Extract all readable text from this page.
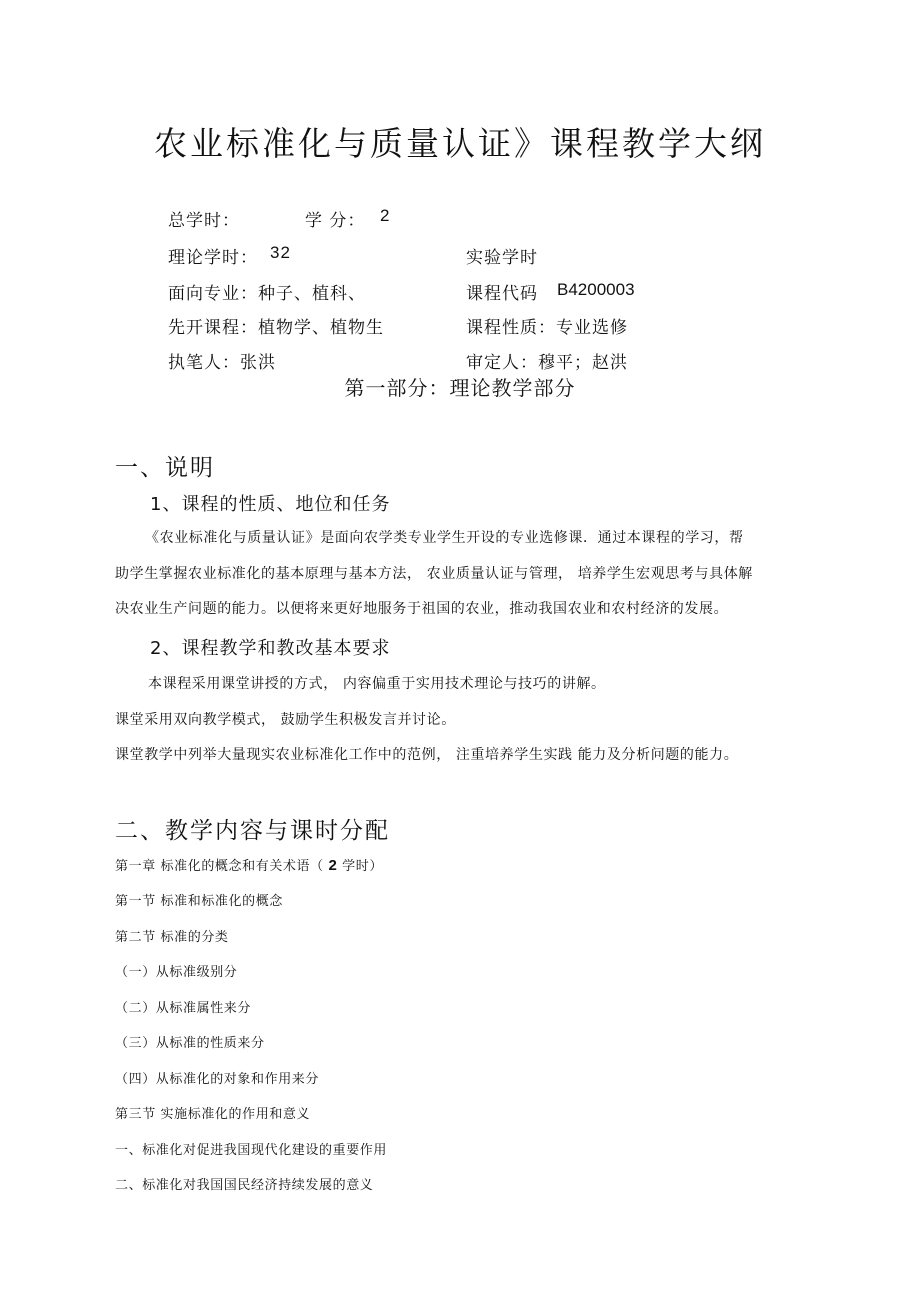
农业标准化与质量认证》课程教学大纲
总学时：	学 分： 2
理论学时： 32	实验学时
面向专业：种子、植科、	课程代码 B4200003
先开课程：植物学、植物生	课程性质：专业选修
执笔人：张洪	审定人：穆平；赵洪
第一部分：理论教学部分
一、说明
1、课程的性质、地位和任务
《农业标准化与质量认证》是面向农学类专业学生开设的专业选修课．通过本课程的学习，帮
助学生掌握农业标准化的基本原理与基本方法， 农业质量认证与管理， 培养学生宏观思考与具体解
决农业生产问题的能力。以便将来更好地服务于祖国的农业，推动我国农业和农村经济的发展。
2、课程教学和教改基本要求
本课程采用课堂讲授的方式， 内容偏重于实用技术理论与技巧的讲解。
课堂采用双向教学模式， 鼓励学生积极发言并讨论。
课堂教学中列举大量现实农业标准化工作中的范例， 注重培养学生实践 能力及分析问题的能力。
二、教学内容与课时分配
第一章 标准化的概念和有关术语（ 2 学时）
第一节 标准和标准化的概念
第二节 标准的分类
（一）从标准级别分
（二）从标准属性来分
（三）从标准的性质来分
（四）从标准化的对象和作用来分
第三节 实施标准化的作用和意义
一、标准化对促进我国现代化建设的重要作用
二、标准化对我国国民经济持续发展的意义
